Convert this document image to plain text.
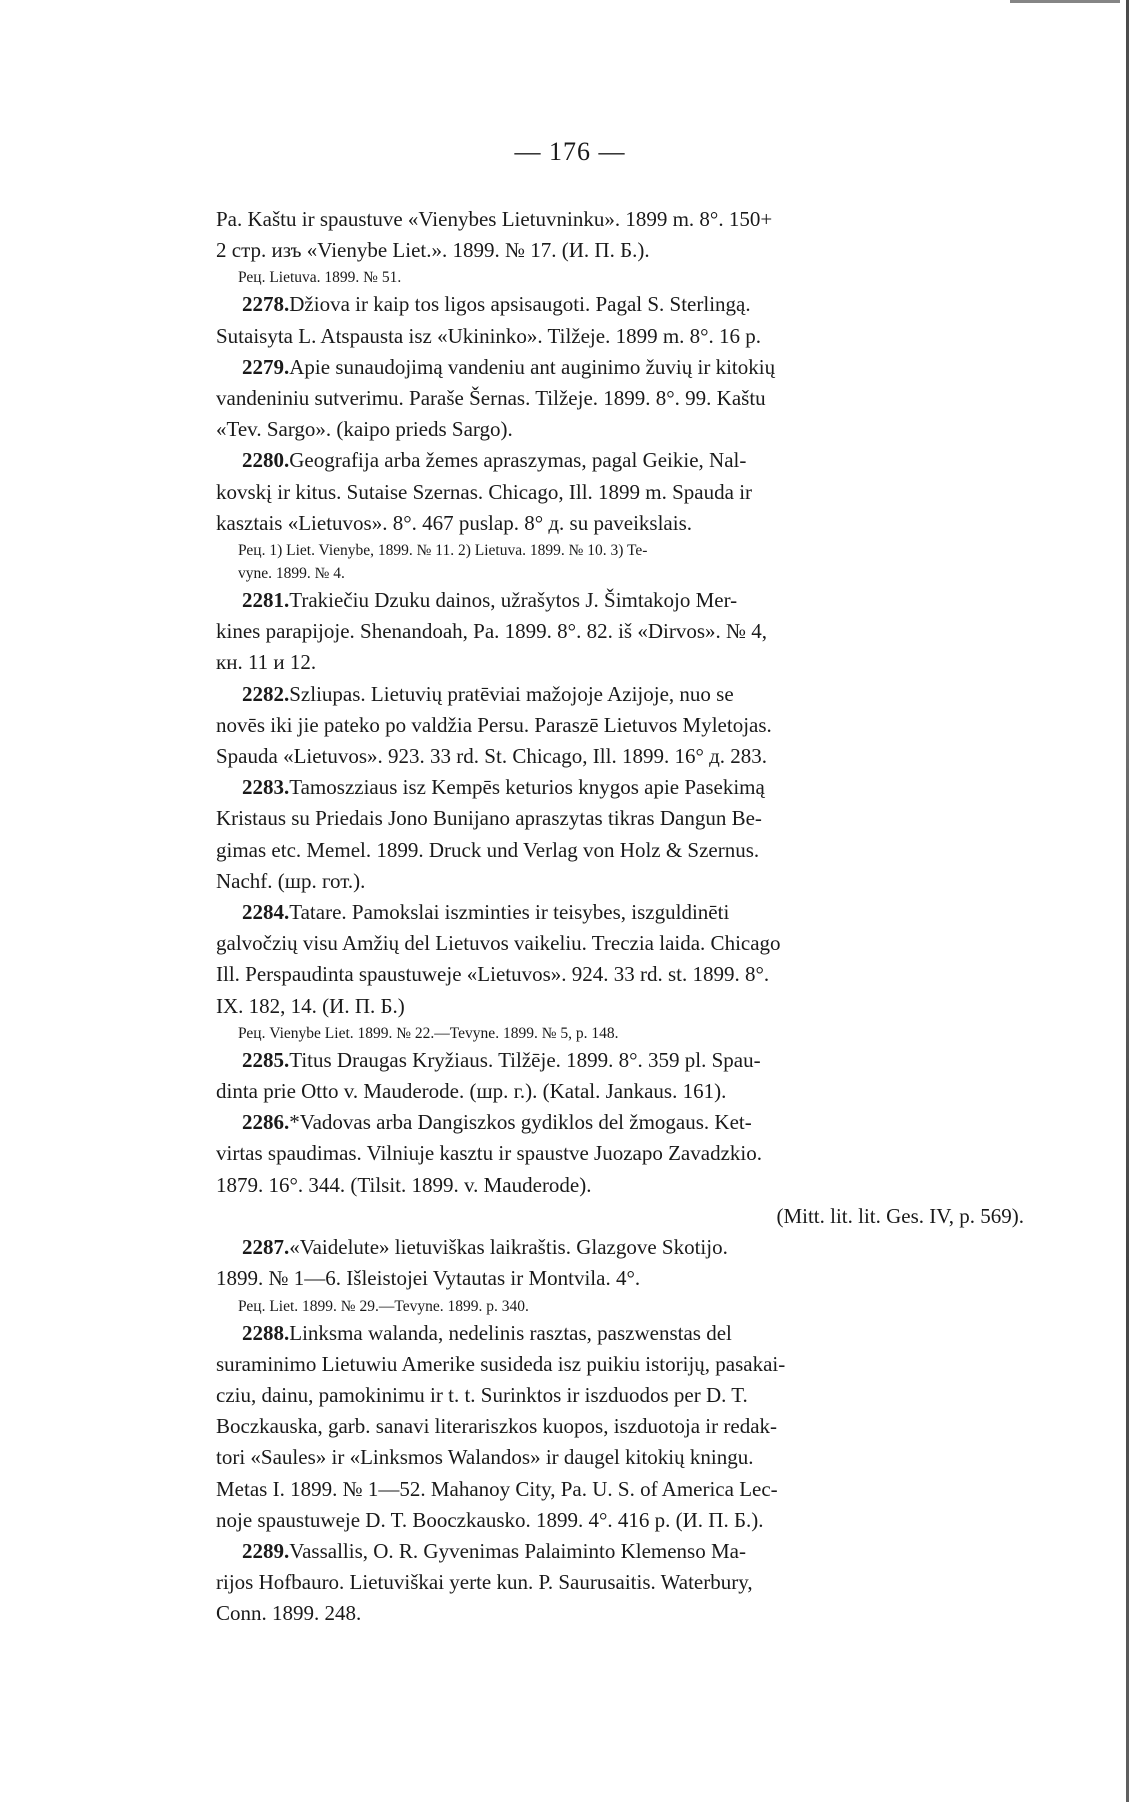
— 176 —
Pa. Kaštu ir spaustuve «Vienybes Lietuvninku». 1899 m. 8°. 150+
2 стр. изъ «Vienybe Liet.». 1899. № 17. (И. П. Б.).
Рец. Lietuva. 1899. № 51.
2278. Džiova ir kaip tos ligos apsisaugoti. Pagal S. Sterlingą.
Sutaisyta L. Atspausta isz «Ukininko». Tilžeje. 1899 m. 8°. 16 p.
2279. Apie sunaudojimą vandeniu ant auginimo žuvių ir kitokių
vandeniniu sutverimu. Paraše Šernas. Tilžeje. 1899. 8°. 99. Kaštu
«Tev. Sargo». (kaipo prieds Sargo).
2280. Geografija arba žemes apraszymas, pagal Geikie, Nal-
kovskį ir kitus. Sutaise Szernas. Chicago, Ill. 1899 m. Spauda ir
kasztais «Lietuvos». 8°. 467 puslap. 8° д. su paveikslais.
Рец. 1) Liet. Vienybe, 1899. № 11. 2) Lietuva. 1899. № 10. 3) Te-
vyne. 1899. № 4.
2281. Trakiečiu Dzuku dainos, užrašytos J. Šimtakojo Mer-
kines parapijoje. Shenandoah, Pa. 1899. 8°. 82. iš «Dirvos». № 4,
кн. 11 и 12.
2282. Szliupas. Lietuvių pratēviai mažojoje Azijoje, nuo se
novēs iki jie pateko po valdžia Persu. Paraszē Lietuvos Myletojas.
Spauda «Lietuvos». 923. 33 rd. St. Chicago, Ill. 1899. 16° д. 283.
2283. Tamoszziaus isz Kempēs keturios knygos apie Pasekimą
Kristaus su Priedais Jono Bunijano apraszytas tikras Dangun Be-
gimas etc. Memel. 1899. Druck und Verlag von Holz & Szernus.
Nachf. (шр. гот.).
2284. Tatare. Pamokslai iszminties ir teisybes, iszguldinēti
galvočzių visu Amžių del Lietuvos vaikeliu. Treczia laida. Chicago
Ill. Perspaudinta spaustuweje «Lietuvos». 924. 33 rd. st. 1899. 8°.
IX. 182, 14. (И. П. Б.)
Рец. Vienybe Liet. 1899. № 22.—Tevyne. 1899. № 5, p. 148.
2285. Titus Draugas Kryžiaus. Tilžēje. 1899. 8°. 359 pl. Spau-
dinta prie Otto v. Mauderode. (шр. г.). (Katal. Jankaus. 161).
2286. *Vadovas arba Dangiszkos gydiklos del žmogaus. Ket-
virtas spaudimas. Vilniuje kasztu ir spaustve Juozapo Zavadzkio.
1879. 16°. 344. (Tilsit. 1899. v. Mauderode).
(Mitt. lit. lit. Ges. IV, p. 569).
2287. «Vaidelute» lietuviškas laikraštis. Glazgove Skotijo.
1899. № 1—6. Išleistojei Vytautas ir Montvila. 4°.
Рец. Liet. 1899. № 29.—Tevyne. 1899. p. 340.
2288. Linksma walanda, nedelinis rasztas, paszwenstas del
suraminimo Lietuwiu Amerike susideda isz puikiu istorijų, pasakai-
cziu, dainu, pamokinimu ir t. t. Surinktos ir iszduodos per D. T.
Boczkauska, garb. sanavi literariszkos kuopos, iszduotoja ir redak-
tori «Saules» ir «Linksmos Walandos» ir daugel kitokių kningu.
Metas I. 1899. № 1—52. Mahanoy City, Pa. U. S. of America Lec-
noje spaustuweje D. T. Booczkausko. 1899. 4°. 416 p. (И. П. Б.).
2289. Vassallis, O. R. Gyvenimas Palaiminto Klemenso Ma-
rijos Hofbauro. Lietuviškai yerte kun. P. Saurusaitis. Waterbury,
Conn. 1899. 248.
